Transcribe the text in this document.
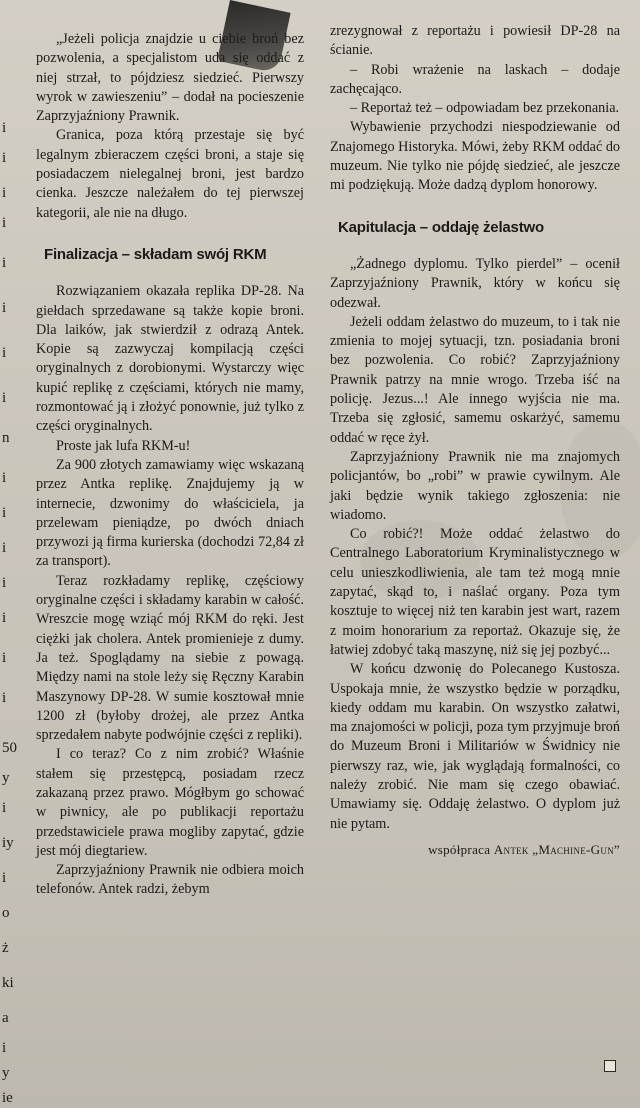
i
i
i
i
i
i
i
i
n
i
i
i
i
i
i
i
50
y
i
iy
i
o
ż
ki
a
i
y
ie

„Jeżeli policja znajdzie u ciebie broń bez pozwolenia, a specjalistom uda się oddać z niej strzał, to pójdziesz siedzieć. Pierwszy wyrok w zawieszeniu” – dodał na pocieszenie Zaprzyjaźniony Prawnik.

Granica, poza którą przestaje się być legalnym zbieraczem części broni, a staje się posiadaczem nielegalnej broni, jest bardzo cienka. Jeszcze należałem do tej pierwszej kategorii, ale nie na długo.

Finalizacja – składam swój RKM

Rozwiązaniem okazała replika DP-28. Na giełdach sprzedawane są także kopie broni. Dla laików, jak stwierdził z odrazą Antek. Kopie są zazwyczaj kompilacją części oryginalnych z dorobionymi. Wystarczy więc kupić replikę z częściami, których nie mamy, rozmontować ją i złożyć ponownie, już tylko z części oryginalnych.

Proste jak lufa RKM-u!

Za 900 złotych zamawiamy więc wskazaną przez Antka replikę. Znajdujemy ją w internecie, dzwonimy do właściciela, ja przelewam pieniądze, po dwóch dniach przywozi ją firma kurierska (dochodzi 72,84 zł za transport).

Teraz rozkładamy replikę, częściowy oryginalne części i składamy karabin w całość. Wreszcie mogę wziąć mój RKM do ręki. Jest ciężki jak cholera. Antek promienieje z dumy. Ja też. Spoglądamy na siebie z powagą. Między nami na stole leży się Ręczny Karabin Maszynowy DP-28. W sumie kosztował mnie 1200 zł (byłoby drożej, ale przez Antka sprzedałem nabyte podwójnie części z repliki).

I co teraz? Co z nim zrobić? Właśnie stałem się przestępcą, posiadam rzecz zakazaną przez prawo. Mógłbym go schować w piwnicy, ale po publikacji reportażu przedstawiciele prawa mogliby zapytać, gdzie jest mój diegtariew.

Zaprzyjaźniony Prawnik nie odbiera moich telefonów. Antek radzi, żebym

zrezygnował z reportażu i powiesił DP-28 na ścianie.

– Robi wrażenie na laskach – dodaje zachęcająco.

– Reportaż też – odpowiadam bez przekonania.

Wybawienie przychodzi niespodziewanie od Znajomego Historyka. Mówi, żeby RKM oddać do muzeum. Nie tylko nie pójdę siedzieć, ale jeszcze mi podziękują. Może dadzą dyplom honorowy.

Kapitulacja – oddaję żelastwo

„Żadnego dyplomu. Tylko pierdel” – ocenił Zaprzyjaźniony Prawnik, który w końcu się odezwał.

Jeżeli oddam żelastwo do muzeum, to i tak nie zmienia to mojej sytuacji, tzn. posiadania broni bez pozwolenia. Co robić? Zaprzyjaźniony Prawnik patrzy na mnie wrogo. Trzeba iść na policję. Jezus...! Ale innego wyjścia nie ma. Trzeba się zgłosić, samemu oskarżyć, samemu oddać w ręce żył.

Zaprzyjaźniony Prawnik nie ma znajomych policjantów, bo „robi” w prawie cywilnym. Ale jaki będzie wynik takiego zgłoszenia: nie wiadomo.

Co robić?! Może oddać żelastwo do Centralnego Laboratorium Kryminalistycznego w celu unieszkodliwienia, ale tam też mogą mnie zapytać, skąd to, i naślać organy. Poza tym kosztuje to więcej niż ten karabin jest wart, razem z moim honorarium za reportaż. Okazuje się, że łatwiej zdobyć taką maszynę, niż się jej pozbyć...

W końcu dzwonię do Polecanego Kustosza. Uspokaja mnie, że wszystko będzie w porządku, kiedy oddam mu karabin. On wszystko załatwi, ma znajomości w policji, poza tym przyjmuje broń do Muzeum Broni i Militariów w Świdnicy nie pierwszy raz, wie, jak wyglądają formalności, co należy zrobić. Nie mam się czego obawiać. Umawiamy się. Oddaję żelastwo. O dyplom już nie pytam.

współpraca Antek „Machine-Gun”
